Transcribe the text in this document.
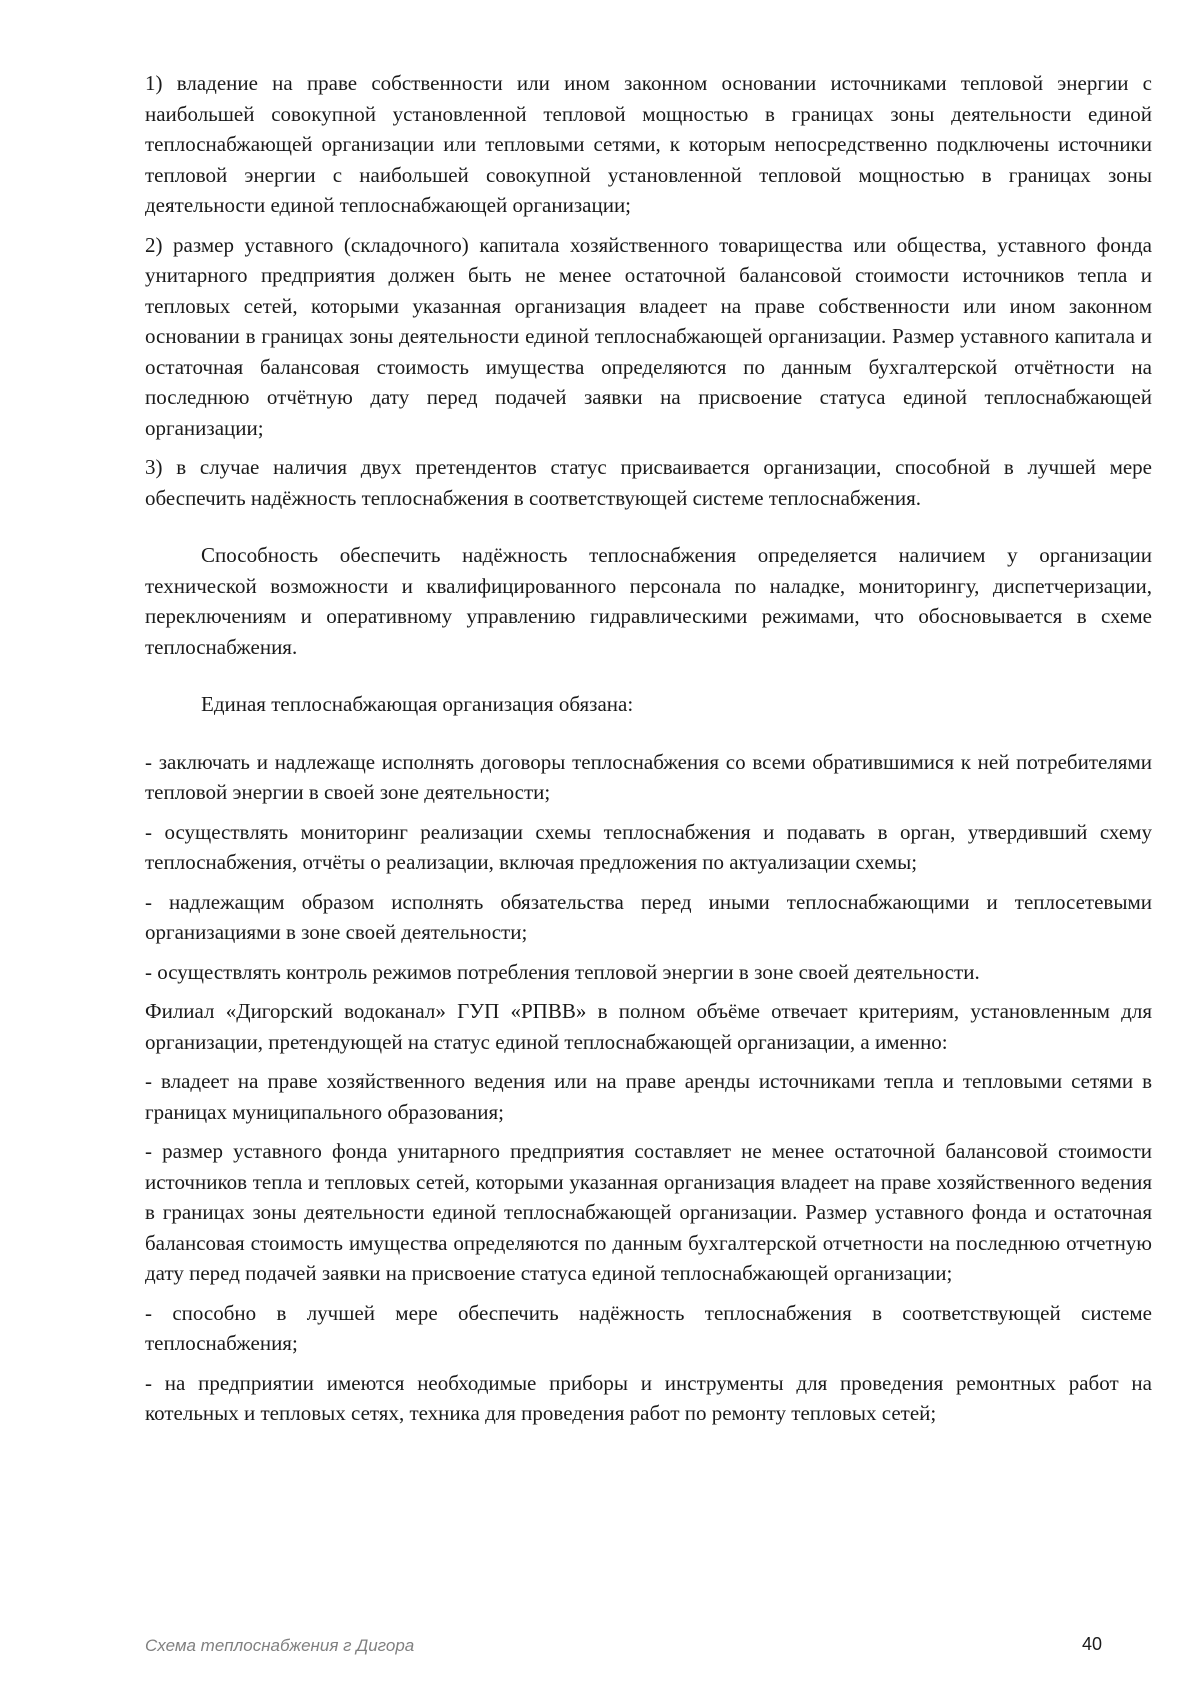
1) владение на праве собственности или ином законном основании источниками тепловой энергии с наибольшей совокупной установленной тепловой мощностью в границах зоны деятельности единой теплоснабжающей организации или тепловыми сетями, к которым непосредственно подключены источники тепловой энергии с наибольшей совокупной установленной тепловой мощностью в границах зоны деятельности единой теплоснабжающей организации;

2) размер уставного (складочного) капитала хозяйственного товарищества или общества, уставного фонда унитарного предприятия должен быть не менее остаточной балансовой стоимости источников тепла и тепловых сетей, которыми указанная организация владеет на праве собственности или ином законном основании в границах зоны деятельности единой теплоснабжающей организации. Размер уставного капитала и остаточная балансовая стоимость имущества определяются по данным бухгалтерской отчётности на последнюю отчётную дату перед подачей заявки на присвоение статуса единой теплоснабжающей организации;

3) в случае наличия двух претендентов статус присваивается организации, способной в лучшей мере обеспечить надёжность теплоснабжения в соответствующей системе теплоснабжения.

Способность обеспечить надёжность теплоснабжения определяется наличием у организации технической возможности и квалифицированного персонала по наладке, мониторингу, диспетчеризации, переключениям и оперативному управлению гидравлическими режимами, что обосновывается в схеме теплоснабжения.

Единая теплоснабжающая организация обязана:

- заключать и надлежаще исполнять договоры теплоснабжения со всеми обратившимися к ней потребителями тепловой энергии в своей зоне деятельности;

- осуществлять мониторинг реализации схемы теплоснабжения и подавать в орган, утвердивший схему теплоснабжения, отчёты о реализации, включая предложения по актуализации схемы;

- надлежащим образом исполнять обязательства перед иными теплоснабжающими и теплосетевыми организациями в зоне своей деятельности;

- осуществлять контроль режимов потребления тепловой энергии в зоне своей деятельности.

Филиал «Дигорский водоканал» ГУП «РПВВ» в полном объёме отвечает критериям, установленным для организации, претендующей на статус единой теплоснабжающей организации, а именно:

- владеет на праве хозяйственного ведения или на праве аренды источниками тепла и тепловыми сетями в границах муниципального образования;

- размер уставного фонда унитарного предприятия составляет не менее остаточной балансовой стоимости источников тепла и тепловых сетей, которыми указанная организация владеет на праве хозяйственного ведения в границах зоны деятельности единой теплоснабжающей организации. Размер уставного фонда и остаточная балансовая стоимость имущества определяются по данным бухгалтерской отчетности на последнюю отчетную дату перед подачей заявки на присвоение статуса единой теплоснабжающей организации;

- способно в лучшей мере обеспечить надёжность теплоснабжения в соответствующей системе теплоснабжения;

- на предприятии имеются необходимые приборы и инструменты для проведения ремонтных работ на котельных и тепловых сетях, техника для проведения работ по ремонту тепловых сетей;

Схема теплоснабжения г Дигора	40
